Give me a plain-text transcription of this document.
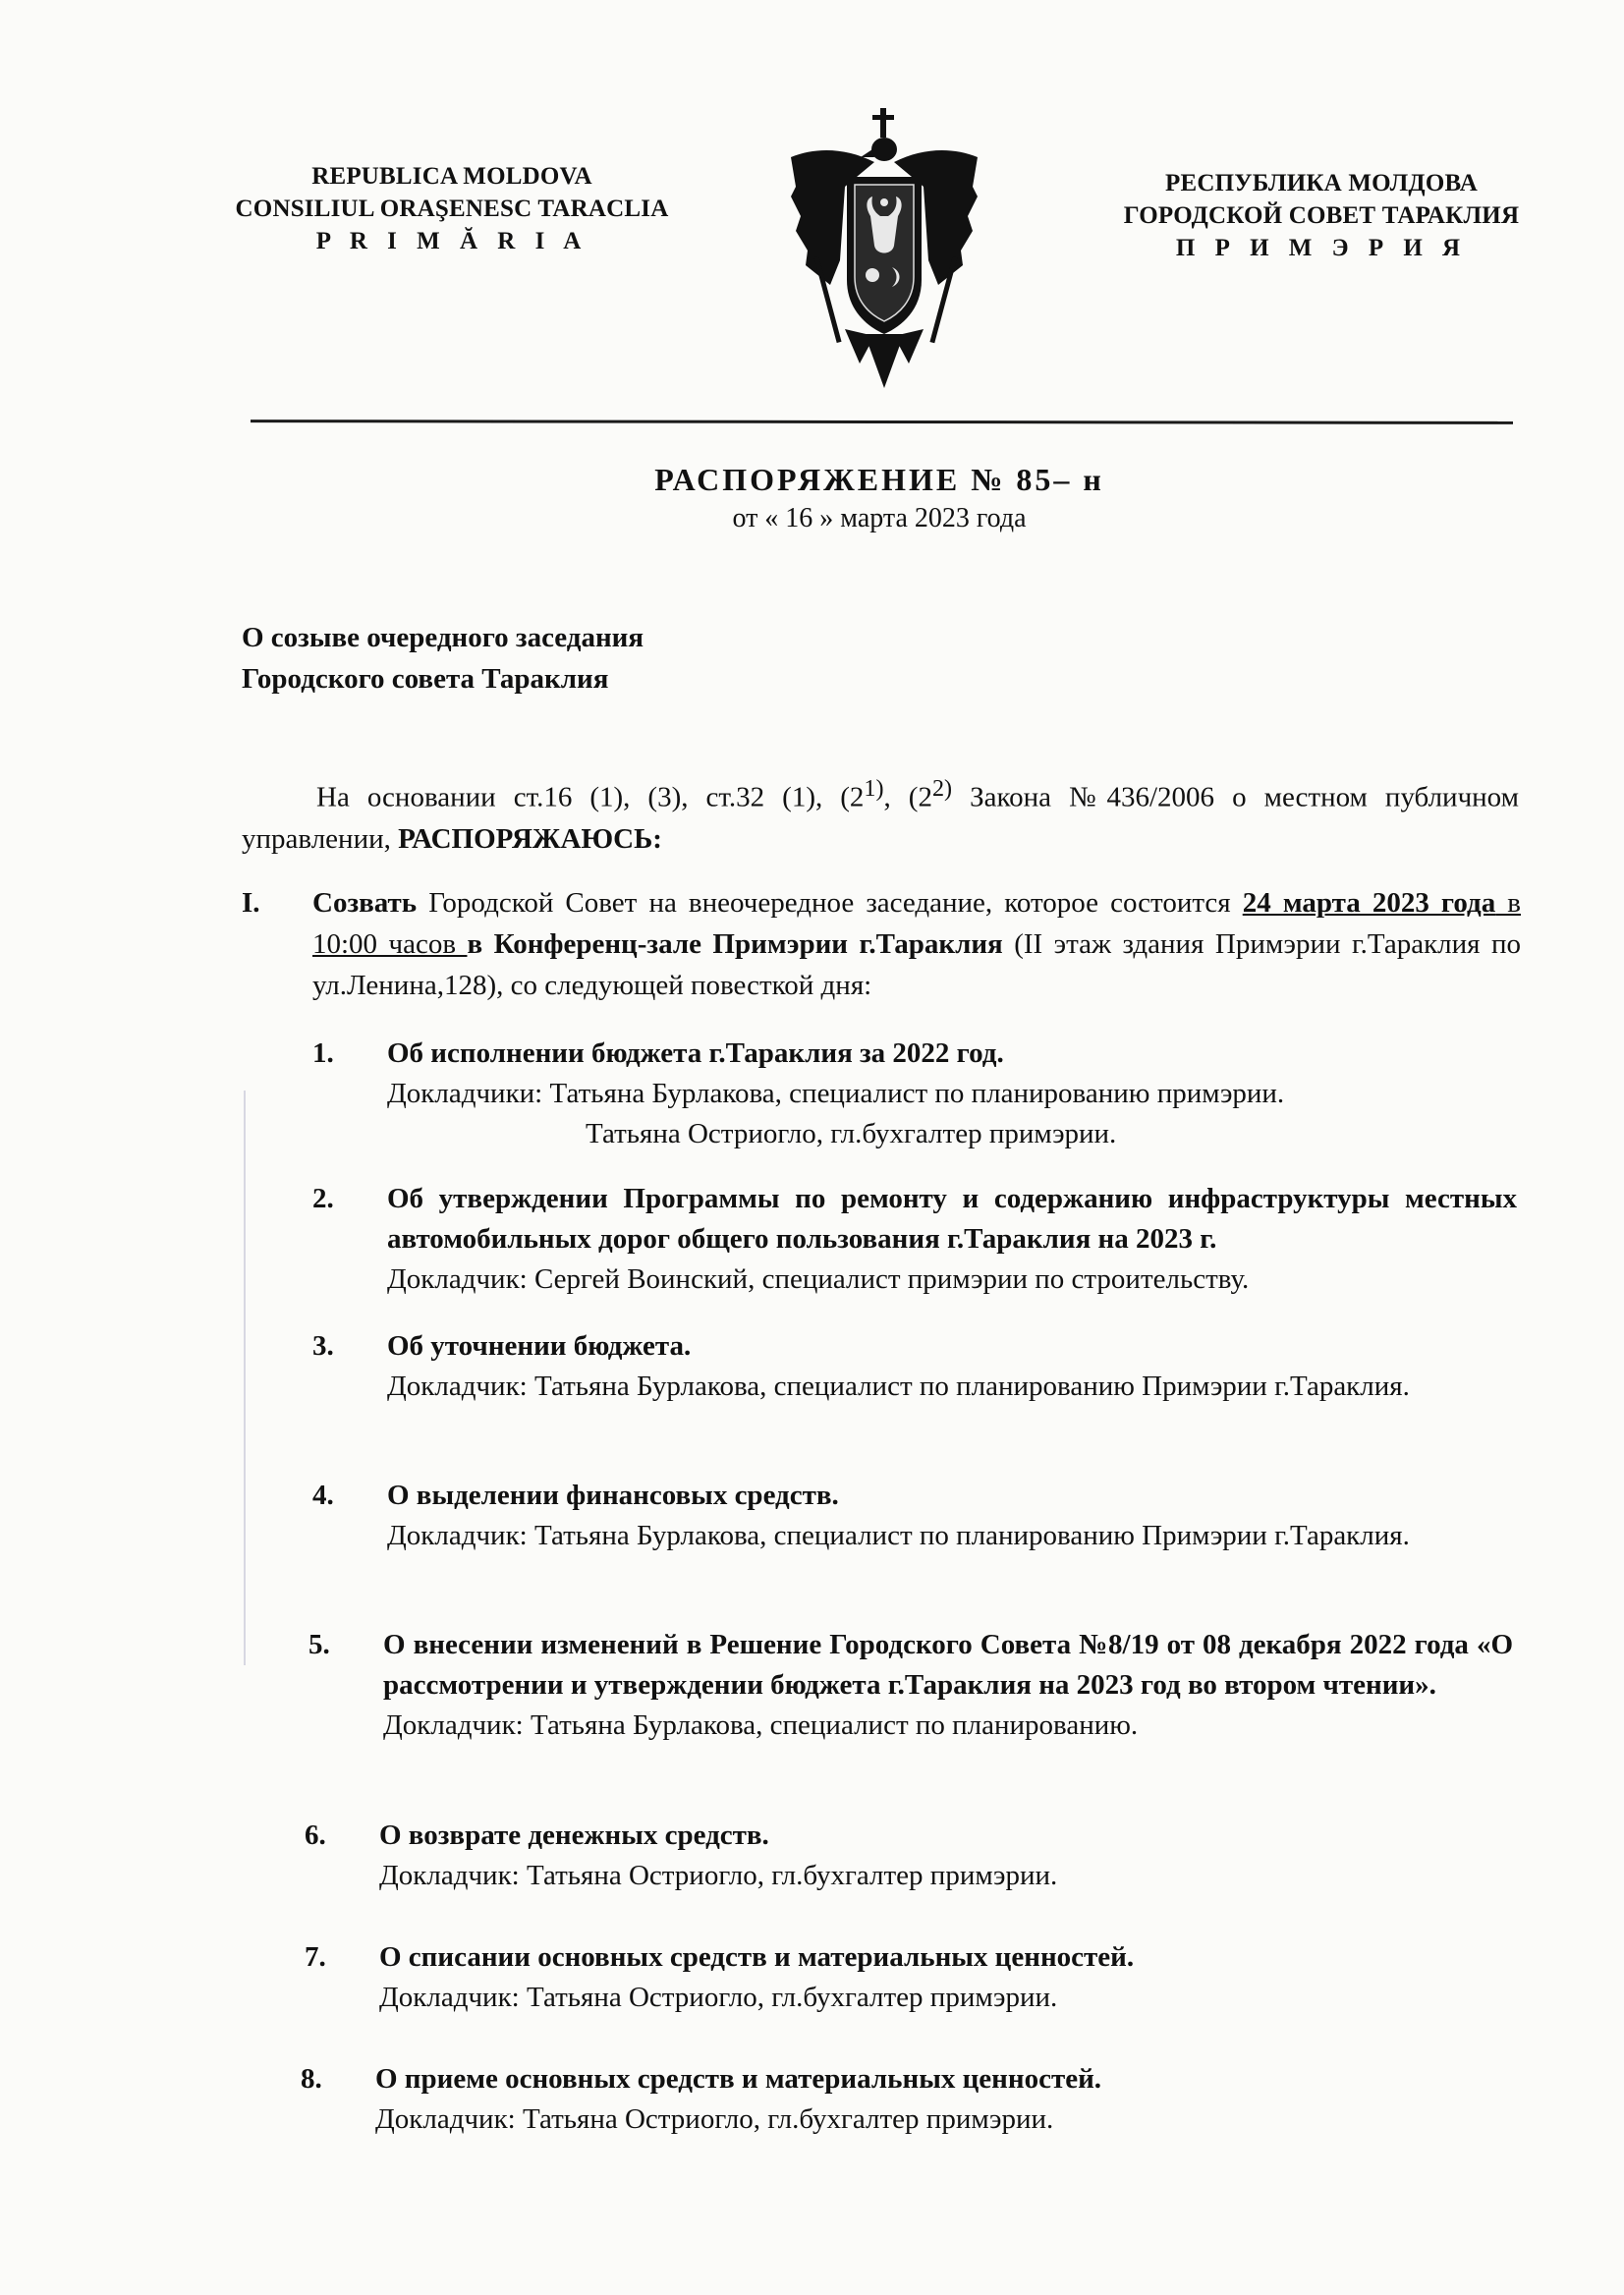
REPUBLICA MOLDOVA
CONSILIUL ORAŞENESC TARACLIA
P R I M Ă R I A
РЕСПУБЛИКА МОЛДОВА
ГОРОДСКОЙ СОВЕТ ТАРАКЛИЯ
П Р И М Э Р И Я
РАСПОРЯЖЕНИЕ № 85– н
от « 16 » марта 2023 года
О созыве очередного заседания
Городского совета Тараклия
На основании ст.16 (1), (3), ст.32 (1), (2$^{1)}$, (2$^{2)}$ Закона №436/2006 о местном публичном управлении, РАСПОРЯЖАЮСЬ:
I. Созвать Городской Совет на внеочередное заседание, которое состоится 24 марта 2023 года в 10:00 часов в Конференц-зале Примэрии г.Тараклия (II этаж здания Примэрии г.Тараклия по ул.Ленина,128), со следующей повесткой дня:
1. Об исполнении бюджета г.Тараклия за 2022 год.
Докладчики: Татьяна Бурлакова, специалист по планированию примэрии.
Татьяна Остриогло, гл.бухгалтер примэрии.
2. Об утверждении Программы по ремонту и содержанию инфраструктуры местных автомобильных дорог общего пользования г.Тараклия на 2023 г.
Докладчик: Сергей Воинский, специалист примэрии по строительству.
3. Об уточнении бюджета.
Докладчик: Татьяна Бурлакова, специалист по планированию Примэрии г.Тараклия.
4. О выделении финансовых средств.
Докладчик: Татьяна Бурлакова, специалист по планированию Примэрии г.Тараклия.
5. О внесении изменений в Решение Городского Совета №8/19 от 08 декабря 2022 года «О рассмотрении и утверждении бюджета г.Тараклия на 2023 год во втором чтении».
Докладчик: Татьяна Бурлакова, специалист по планированию.
6. О возврате денежных средств.
Докладчик: Татьяна Остриогло, гл.бухгалтер примэрии.
7. О списании основных средств и материальных ценностей.
Докладчик: Татьяна Остриогло, гл.бухгалтер примэрии.
8. О приеме основных средств и материальных ценностей.
Докладчик: Татьяна Остриогло, гл.бухгалтер примэрии.
